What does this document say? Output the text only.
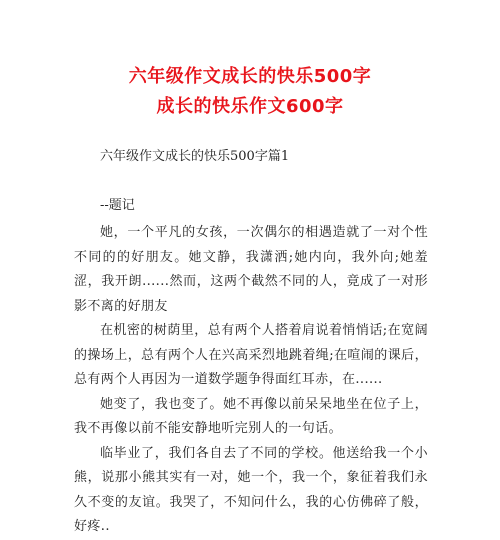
六年级作文成长的快乐500字
成长的快乐作文600字
六年级作文成长的快乐500字篇1
--题记

她，一个平凡的女孩，一次偶尔的相遇造就了一对个性不同的的好朋友。她文静，我潇洒;她内向，我外向;她羞涩，我开朗......然而，这两个截然不同的人，竟成了一对形影不离的好朋友

在机密的树荫里，总有两个人搭着肩说着悄悄话;在宽阔的操场上，总有两个人在兴高采烈地跳着绳;在喧闹的课后，总有两个人再因为一道数学题争得面红耳赤，在......

她变了，我也变了。她不再像以前呆呆地坐在位子上，我不再像以前不能安静地听完别人的一句话。

临毕业了，我们各自去了不同的学校。他送给我一个小熊，说那小熊其实有一对，她一个，我一个，象征着我们永久不变的友谊。我哭了，不知问什么，我的心仿佛碎了般，好疼..
